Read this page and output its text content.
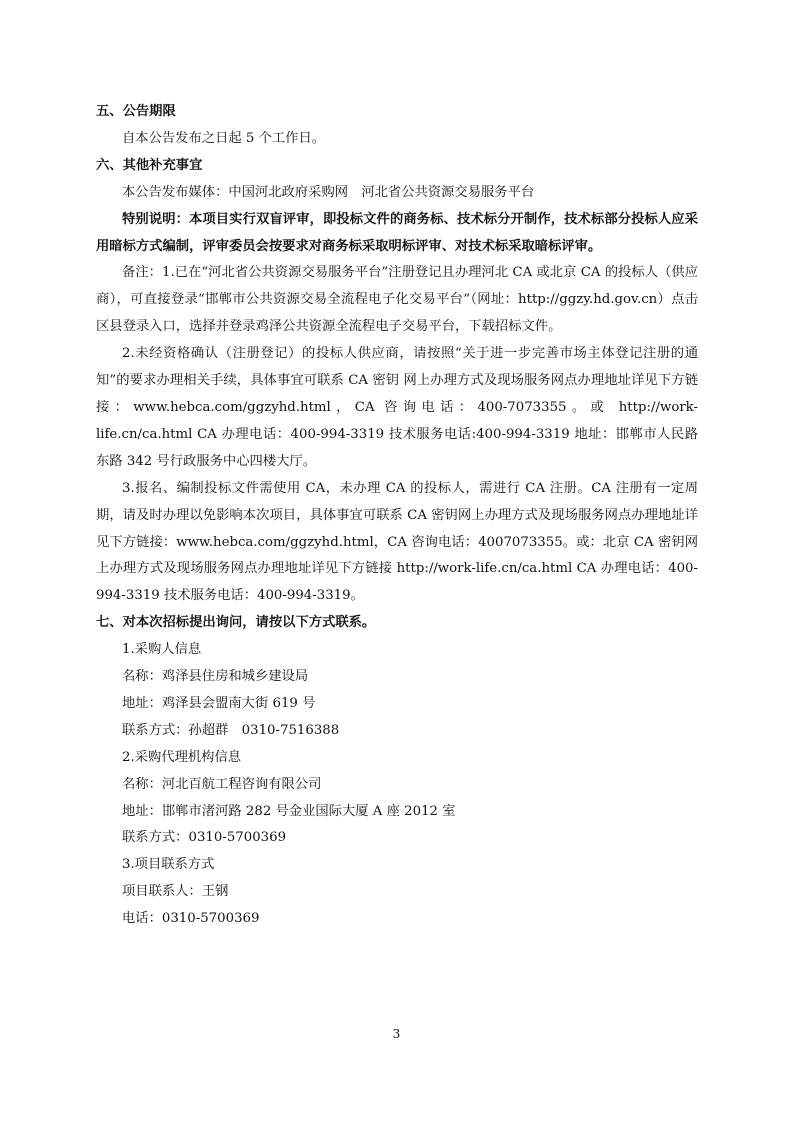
五、公告期限
自本公告发布之日起 5 个工作日。
六、其他补充事宜
本公告发布媒体：中国河北政府采购网　河北省公共资源交易服务平台
特别说明：本项目实行双盲评审，即投标文件的商务标、技术标分开制作，技术标部分投标人应采用暗标方式编制，评审委员会按要求对商务标采取明标评审、对技术标采取暗标评审。
备注：1.已在“河北省公共资源交易服务平台”注册登记且办理河北 CA 或北京 CA 的投标人（供应商），可直接登录“邯郸市公共资源交易全流程电子化交易平台”（网址：http://ggzy.hd.gov.cn）点击区县登录入口，选择并登录鸡泽公共资源全流程电子交易平台，下载招标文件。
2.未经资格确认（注册登记）的投标人供应商，请按照“关于进一步完善市场主体登记注册的通知”的要求办理相关手续，具体事宜可联系 CA 密钥 网上办理方式及现场服务网点办理地址详见下方链接：www.hebca.com/ggzyhd.html，CA 咨询电话：400-7073355。或 http://work-life.cn/ca.html CA 办理电话：400-994-3319 技术服务电话:400-994-3319 地址：邯郸市人民路东路 342 号行政服务中心四楼大厅。
3.报名、编制投标文件需使用 CA，未办理 CA 的投标人，需进行 CA 注册。CA 注册有一定周期，请及时办理以免影响本次项目，具体事宜可联系 CA 密钥网上办理方式及现场服务网点办理地址详见下方链接：www.hebca.com/ggzyhd.html，CA 咨询电话：4007073355。或：北京 CA 密钥网上办理方式及现场服务网点办理地址详见下方链接 http://work-life.cn/ca.html CA 办理电话：400-994-3319 技术服务电话：400-994-3319。
七、对本次招标提出询问，请按以下方式联系。
1.采购人信息
名称：鸡泽县住房和城乡建设局
地址：鸡泽县会盟南大街 619 号
联系方式：孙超群　0310-7516388
2.采购代理机构信息
名称：河北百航工程咨询有限公司
地址：邯郸市渚河路 282 号金业国际大厦 A 座 2012 室
联系方式：0310-5700369
3.项目联系方式
项目联系人：王钢
电话：0310-5700369
3
